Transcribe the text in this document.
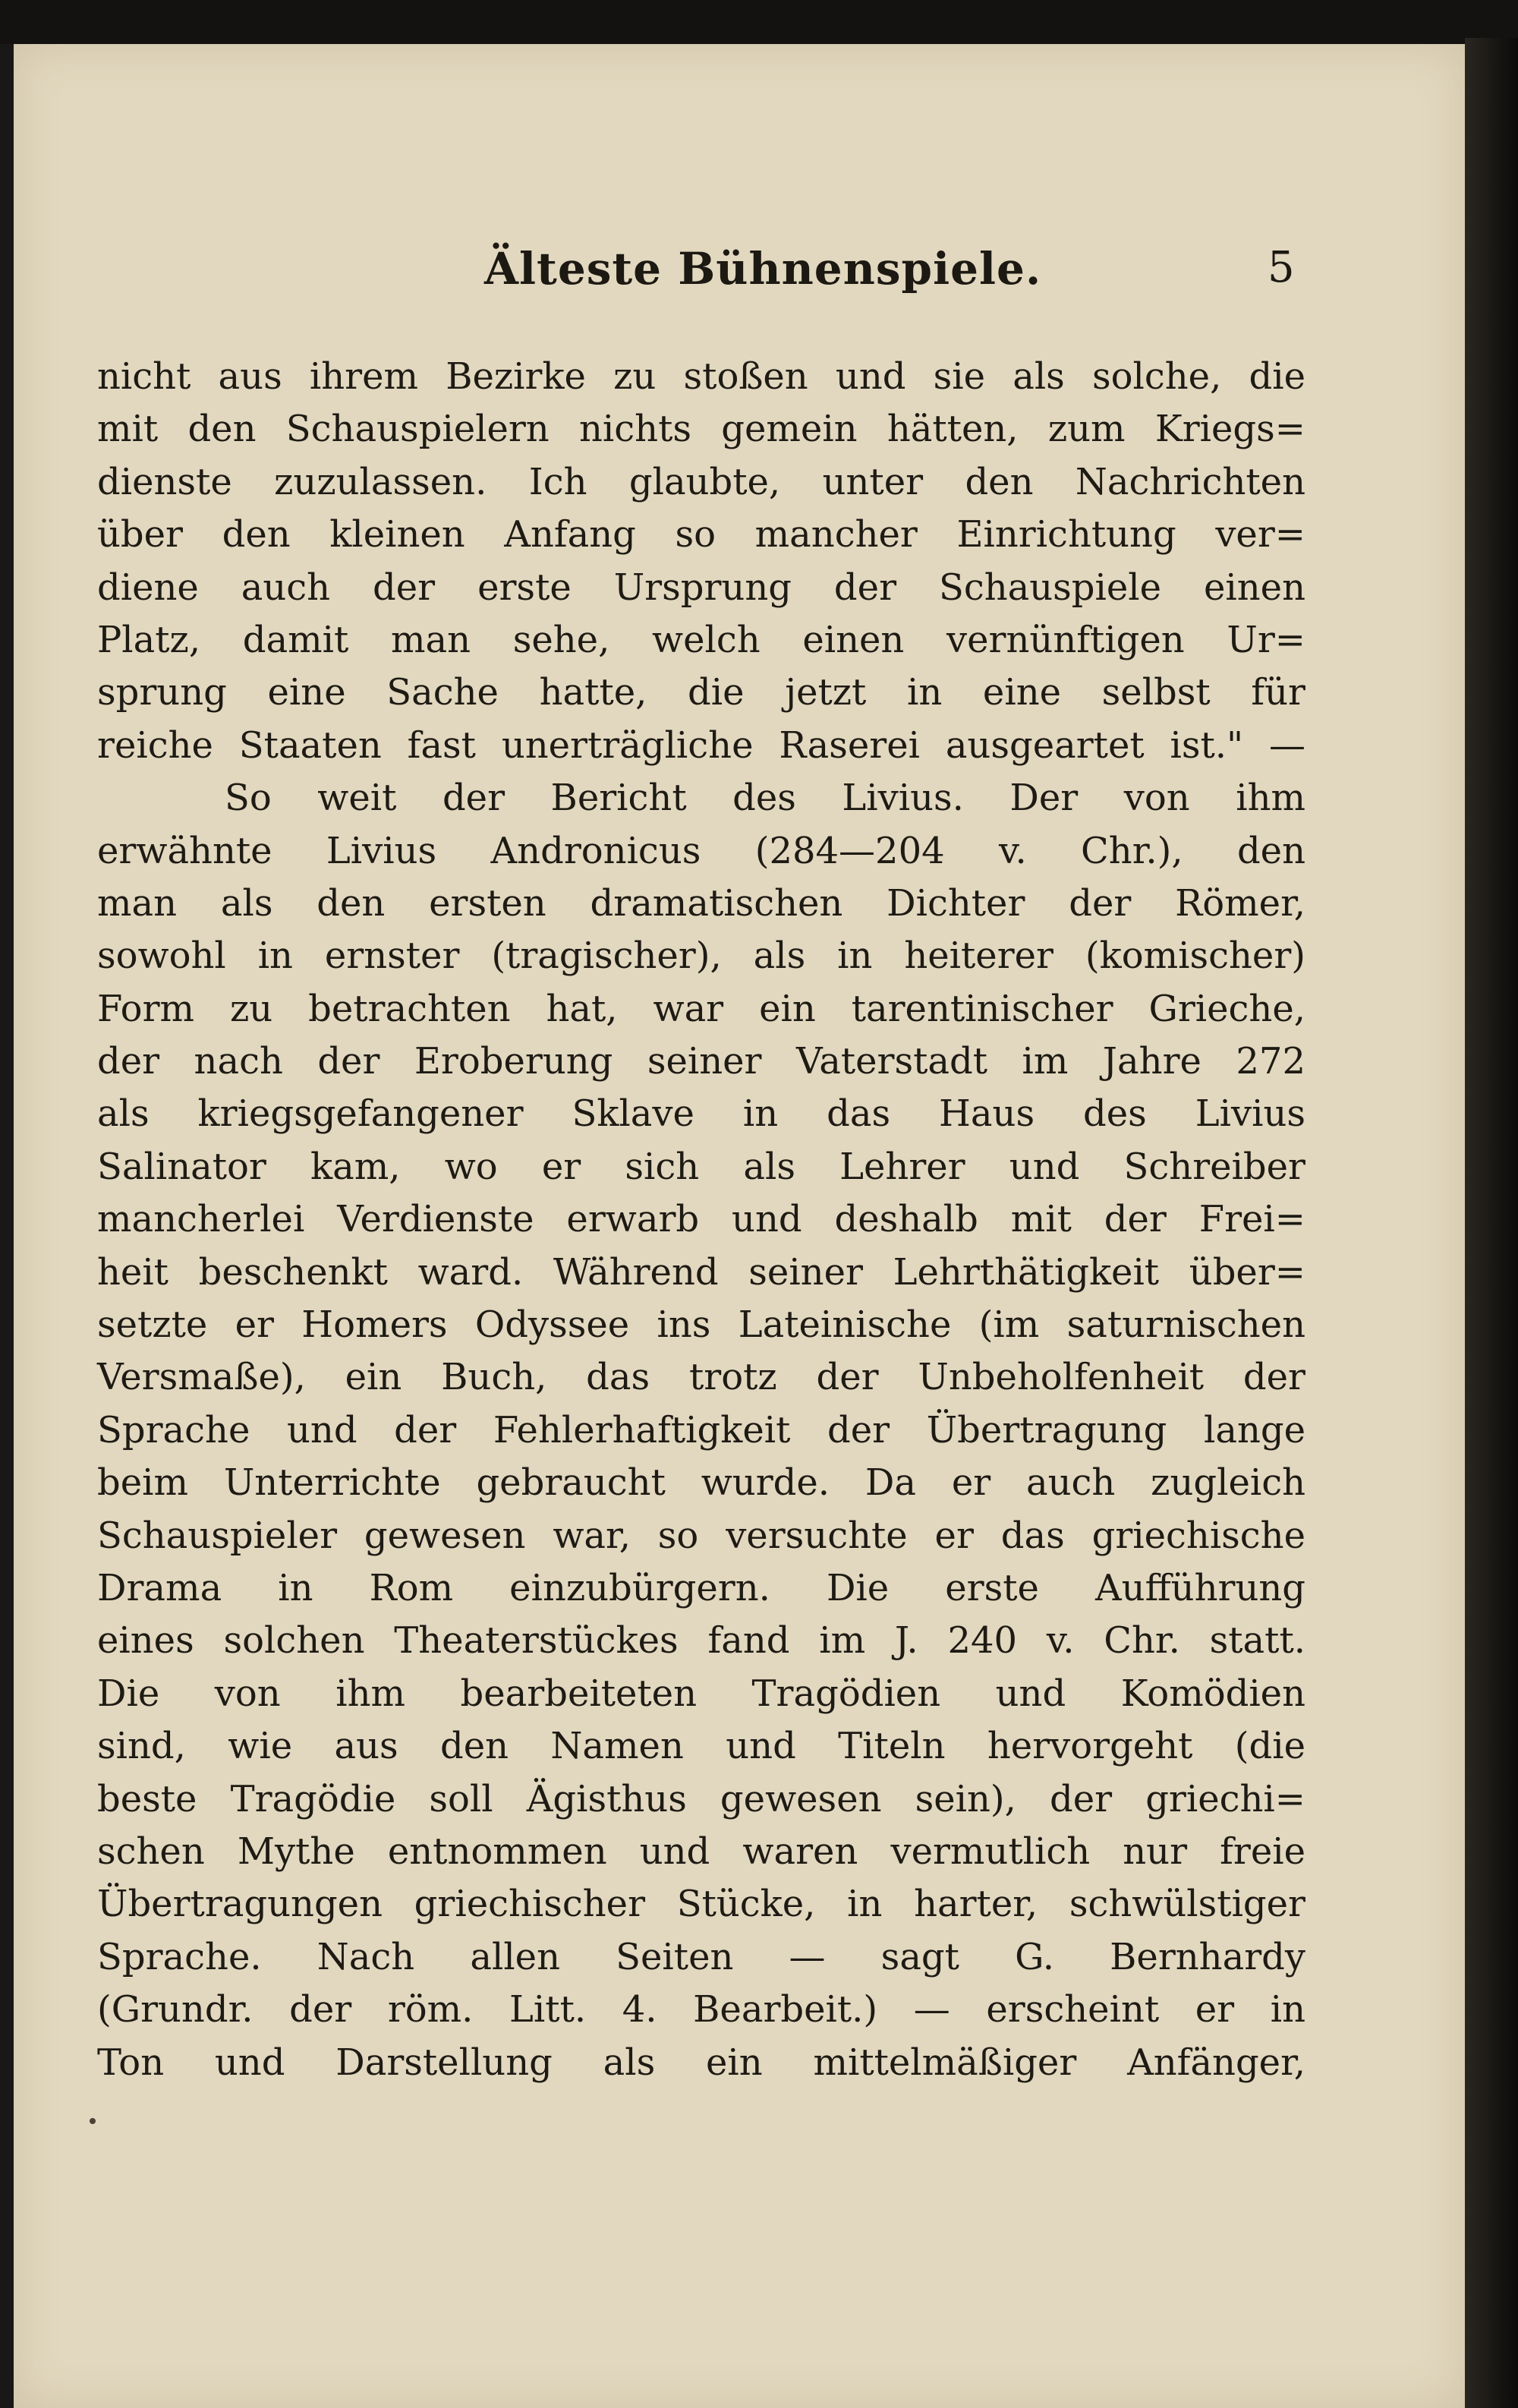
Älteste Bühnenspiele.	5
nicht aus ihrem Bezirke zu stoßen und sie als solche, die
mit den Schauspielern nichts gemein hätten, zum Kriegs=
dienste zuzulassen. Ich glaubte, unter den Nachrichten
über den kleinen Anfang so mancher Einrichtung ver=
diene auch der erste Ursprung der Schauspiele einen
Platz, damit man sehe, welch einen vernünftigen Ur=
sprung eine Sache hatte, die jetzt in eine selbst für
reiche Staaten fast unerträgliche Raserei ausgeartet ist." —
So weit der Bericht des Livius. Der von ihm
erwähnte Livius Andronicus (284—204 v. Chr.), den
man als den ersten dramatischen Dichter der Römer,
sowohl in ernster (tragischer), als in heiterer (komischer)
Form zu betrachten hat, war ein tarentinischer Grieche,
der nach der Eroberung seiner Vaterstadt im Jahre 272
als kriegsgefangener Sklave in das Haus des Livius
Salinator kam, wo er sich als Lehrer und Schreiber
mancherlei Verdienste erwarb und deshalb mit der Frei=
heit beschenkt ward. Während seiner Lehrthätigkeit über=
setzte er Homers Odyssee ins Lateinische (im saturnischen
Versmaße), ein Buch, das trotz der Unbeholfenheit der
Sprache und der Fehlerhaftigkeit der Übertragung lange
beim Unterrichte gebraucht wurde. Da er auch zugleich
Schauspieler gewesen war, so versuchte er das griechische
Drama in Rom einzubürgern. Die erste Aufführung
eines solchen Theaterstückes fand im J. 240 v. Chr. statt.
Die von ihm bearbeiteten Tragödien und Komödien
sind, wie aus den Namen und Titeln hervorgeht (die
beste Tragödie soll Ägisthus gewesen sein), der griechi=
schen Mythe entnommen und waren vermutlich nur freie
Übertragungen griechischer Stücke, in harter, schwülstiger
Sprache. Nach allen Seiten — sagt G. Bernhardy
(Grundr. der röm. Litt. 4. Bearbeit.) — erscheint er in
Ton und Darstellung als ein mittelmäßiger Anfänger,
